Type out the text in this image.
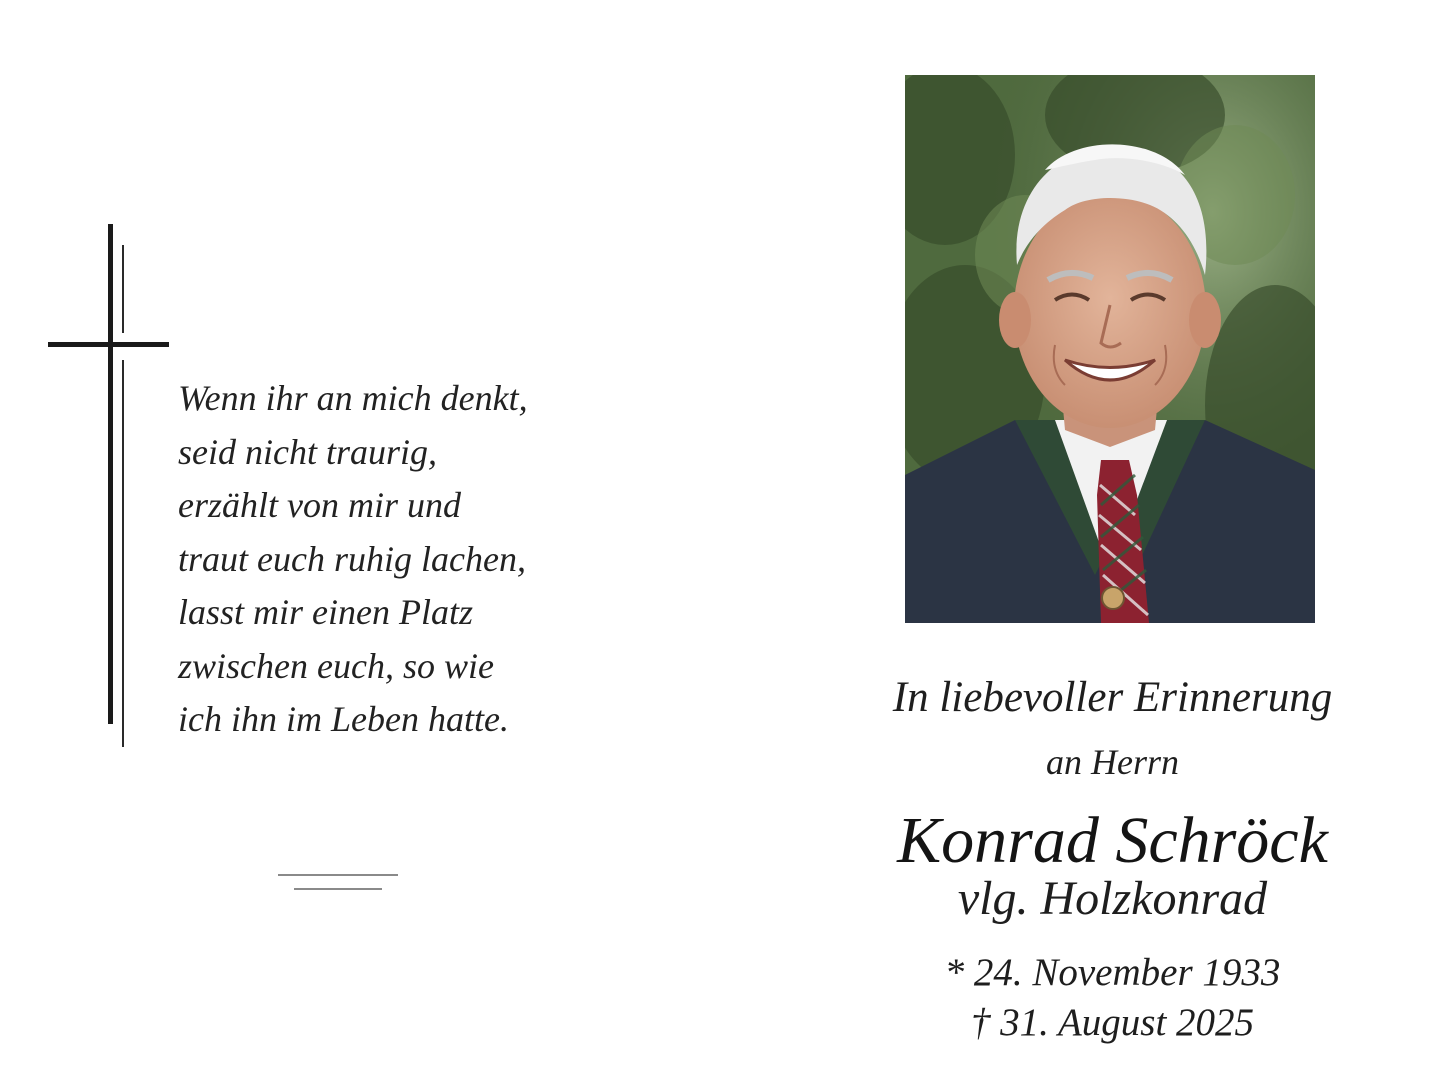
Wenn ihr an mich denkt,
seid nicht traurig,
erzählt von mir und
traut euch ruhig lachen,
lasst mir einen Platz
zwischen euch, so wie
ich ihn im Leben hatte.	In liebevoller Erinnerung
an Herrn
Konrad Schröck
vlg. Holzkonrad
* 24. November 1933
† 31. August 2025
